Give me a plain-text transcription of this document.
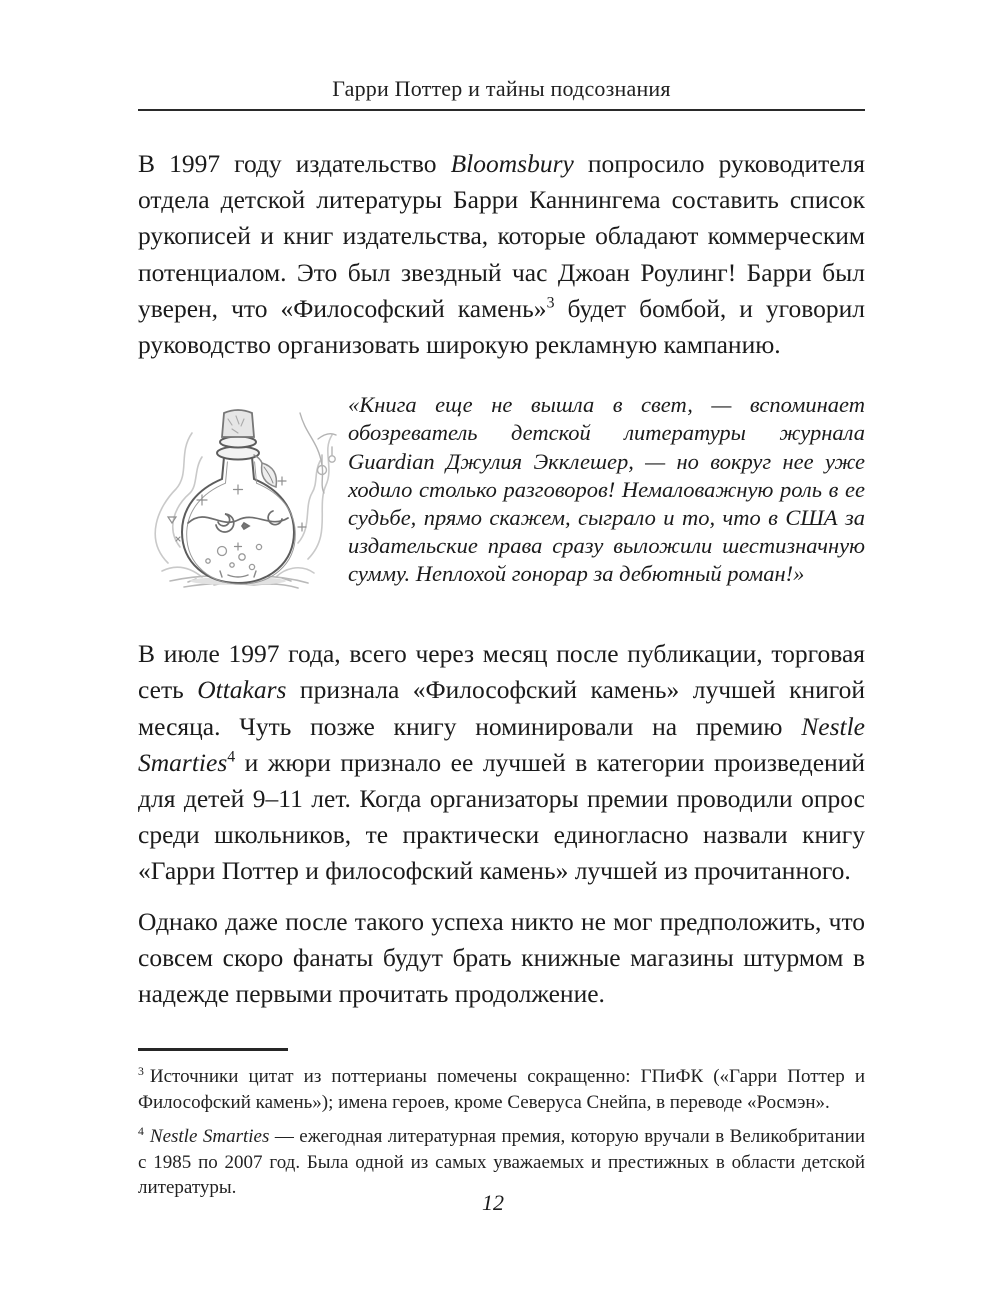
Гарри Поттер и тайны подсознания

В 1997 году издательство Bloomsbury попросило руководителя отдела детской литературы Барри Каннингема составить список рукописей и книг издательства, которые обладают коммерческим потенциалом. Это был звездный час Джоан Роулинг! Барри был уверен, что «Философский камень»$^3$ будет бомбой, и уговорил руководство организовать широкую рекламную кампанию.

«Книга еще не вышла в свет, — вспоминает обозреватель детской литературы журнала Guardian Джулия Экклешер, — но вокруг нее уже ходило столько разговоров! Немаловажную роль в ее судьбе, прямо скажем, сыграло и то, что в США за издательские права сразу выложили шестизначную сумму. Неплохой гонорар за дебютный роман!»

В июле 1997 года, всего через месяц после публикации, торговая сеть Ottakars признала «Философский камень» лучшей книгой месяца. Чуть позже книгу номинировали на премию Nestle Smarties$^4$ и жюри признало ее лучшей в категории произведений для детей 9–11 лет. Когда организаторы премии проводили опрос среди школьников, те практически единогласно назвали книгу «Гарри Поттер и философский камень» лучшей из прочитанного.

Однако даже после такого успеха никто не мог предположить, что совсем скоро фанаты будут брать книжные магазины штурмом в надежде первыми прочитать продолжение.

$^3$ Источники цитат из поттерианы помечены сокращенно: ГПиФК («Гарри Поттер и Философский камень»); имена героев, кроме Северуса Снейпа, в переводе «Росмэн».

$^4$ Nestle Smarties — ежегодная литературная премия, которую вручали в Великобритании с 1985 по 2007 год. Была одной из самых уважаемых и престижных в области детской литературы.

12
